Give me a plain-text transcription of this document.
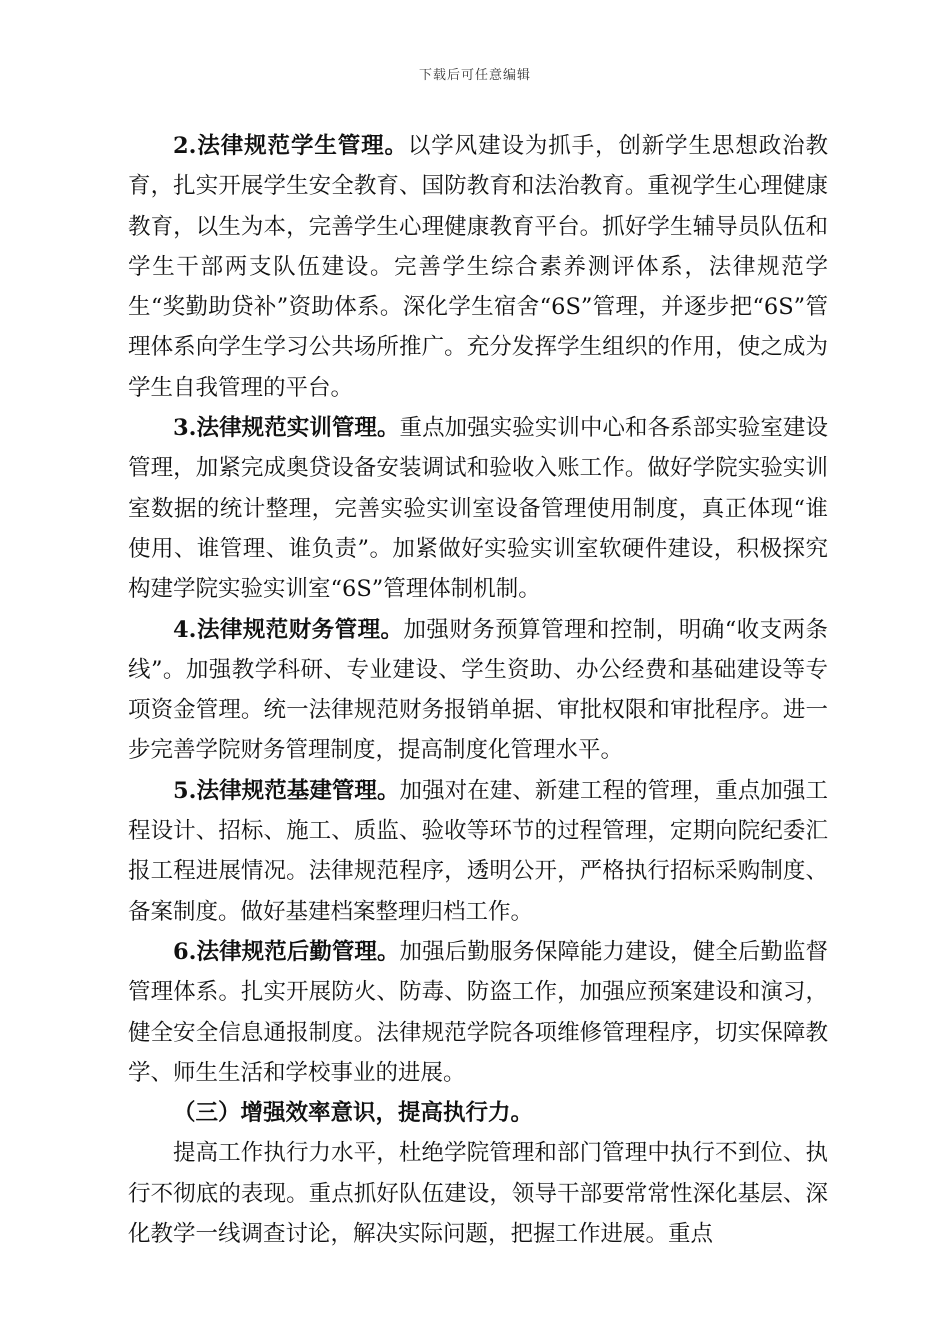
下载后可任意编辑

2.法律规范学生管理。以学风建设为抓手，创新学生思想政治教育，扎实开展学生安全教育、国防教育和法治教育。重视学生心理健康教育，以生为本，完善学生心理健康教育平台。抓好学生辅导员队伍和学生干部两支队伍建设。完善学生综合素养测评体系，法律规范学生“奖勤助贷补”资助体系。深化学生宿舍“6S”管理，并逐步把“6S”管理体系向学生学习公共场所推广。充分发挥学生组织的作用，使之成为学生自我管理的平台。

3.法律规范实训管理。重点加强实验实训中心和各系部实验室建设管理，加紧完成奥贷设备安装调试和验收入账工作。做好学院实验实训室数据的统计整理，完善实验实训室设备管理使用制度，真正体现“谁使用、谁管理、谁负责”。加紧做好实验实训室软硬件建设，积极探究构建学院实验实训室“6S”管理体制机制。

4.法律规范财务管理。加强财务预算管理和控制，明确“收支两条线”。加强教学科研、专业建设、学生资助、办公经费和基础建设等专项资金管理。统一法律规范财务报销单据、审批权限和审批程序。进一步完善学院财务管理制度，提高制度化管理水平。

5.法律规范基建管理。加强对在建、新建工程的管理，重点加强工程设计、招标、施工、质监、验收等环节的过程管理，定期向院纪委汇报工程进展情况。法律规范程序，透明公开，严格执行招标采购制度、备案制度。做好基建档案整理归档工作。

6.法律规范后勤管理。加强后勤服务保障能力建设，健全后勤监督管理体系。扎实开展防火、防毒、防盗工作，加强应预案建设和演习，健全安全信息通报制度。法律规范学院各项维修管理程序，切实保障教学、师生生活和学校事业的进展。

（三）增强效率意识，提高执行力。

提高工作执行力水平，杜绝学院管理和部门管理中执行不到位、执行不彻底的表现。重点抓好队伍建设，领导干部要常常性深化基层、深化教学一线调查讨论，解决实际问题，把握工作进展。重点
